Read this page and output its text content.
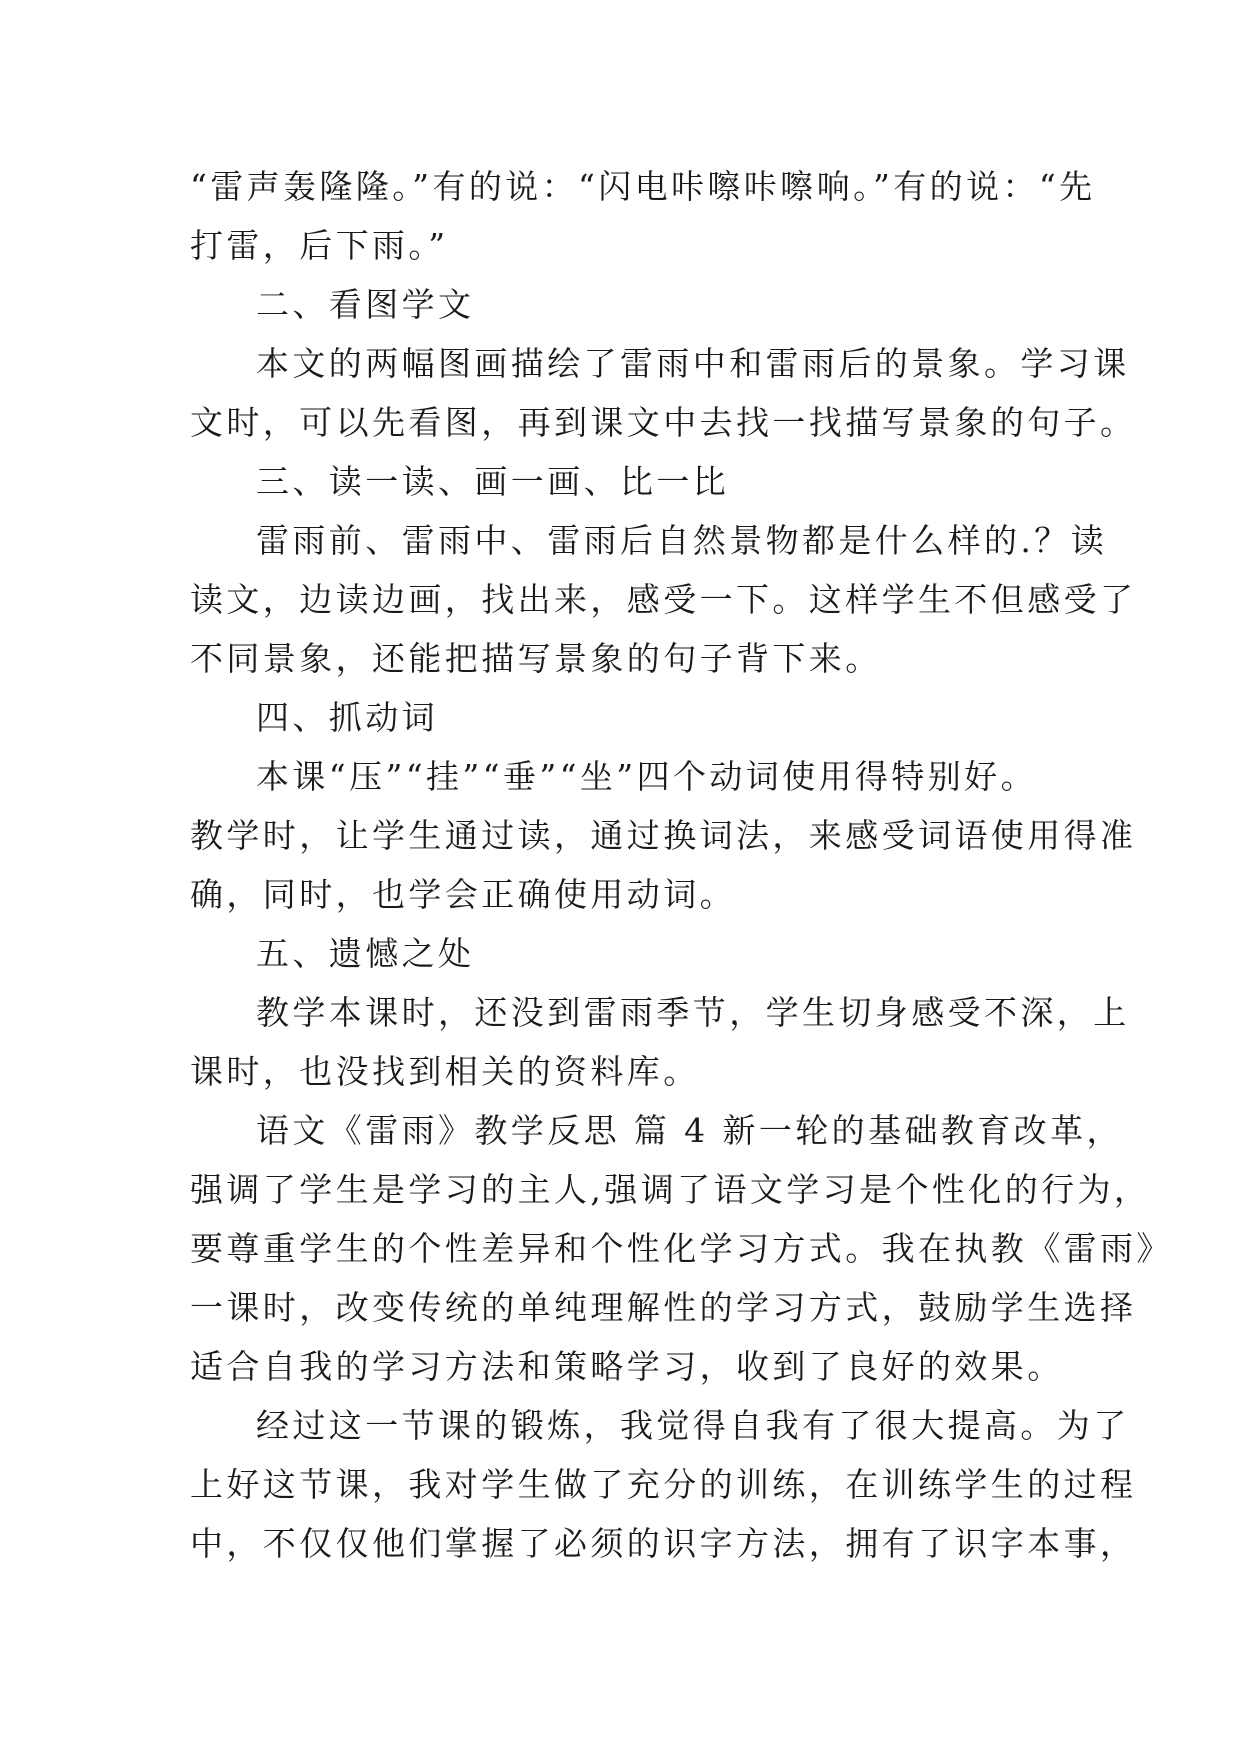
“雷声轰隆隆。”有的说：“闪电咔嚓咔嚓响。”有的说：“先
打雷，后下雨。”
二、看图学文
本文的两幅图画描绘了雷雨中和雷雨后的景象。学习课
文时，可以先看图，再到课文中去找一找描写景象的句子。
三、读一读、画一画、比一比
雷雨前、雷雨中、雷雨后自然景物都是什么样的.？读
读文，边读边画，找出来，感受一下。这样学生不但感受了
不同景象，还能把描写景象的句子背下来。
四、抓动词
本课“压”“挂”“垂”“坐”四个动词使用得特别好。
教学时，让学生通过读，通过换词法，来感受词语使用得准
确，同时，也学会正确使用动词。
五、遗憾之处
教学本课时，还没到雷雨季节，学生切身感受不深，上
课时，也没找到相关的资料库。
语文《雷雨》教学反思 篇 4 新一轮的基础教育改革，
强调了学生是学习的主人,强调了语文学习是个性化的行为，
要尊重学生的个性差异和个性化学习方式。我在执教《雷雨》
一课时，改变传统的单纯理解性的学习方式，鼓励学生选择
适合自我的学习方法和策略学习，收到了良好的效果。
经过这一节课的锻炼，我觉得自我有了很大提高。为了
上好这节课，我对学生做了充分的训练，在训练学生的过程
中，不仅仅他们掌握了必须的识字方法，拥有了识字本事，
